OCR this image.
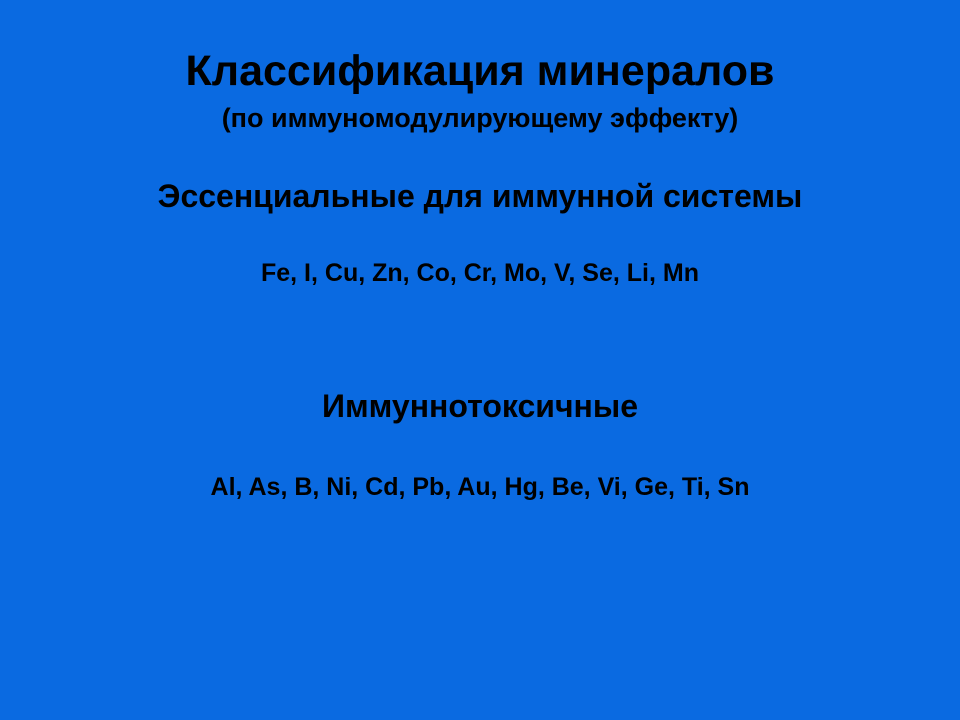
Классификация минералов
(по иммуномодулирующему эффекту)
Эссенциальные для иммунной системы
Fe, I, Cu, Zn, Co, Cr, Mo, V, Se, Li, Mn
Иммуннотоксичные
Al, As, B, Ni, Cd, Pb, Au, Hg, Be, Vi, Ge, Ti, Sn
